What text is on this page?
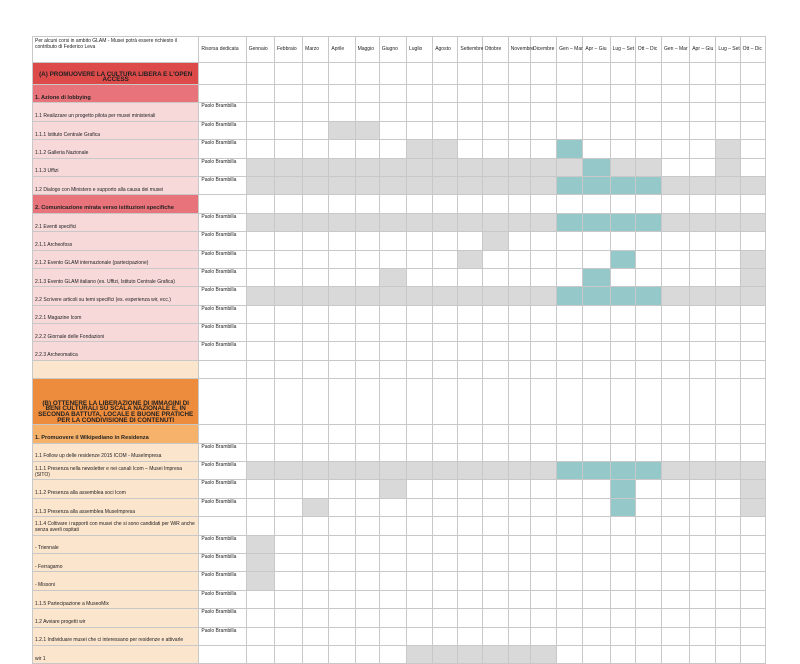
Per alcuni corsi in ambito GLAM - Musei potrà essere richiesto il contributo di Federico Leva	Risorsa dedicata	Gennaio	Febbraio	Marzo	Aprile	Maggio	Giugno	Luglio	Agosto	Settembre	Ottobre	Novembre	Dicembre	Gen – Mar	Apr – Giu	Lug – Set	Ott – Dic	Gen – Mar	Apr – Giu	Lug – Set	Ott – Dic
(A) PROMUOVERE LA CULTURA LIBERA E L'OPEN ACCESS																					
1. Azione di lobbying																					
1.1 Realizzare un progetto pilota per musei ministeriali	Paolo Brambilla																				
1.1.1 Istituto Centrale Grafica	Paolo Brambilla																				
1.1.2 Galleria Nazionale	Paolo Brambilla																				
1.1.3 Uffizi	Paolo Brambilla																				
1.2 Dialogo con Ministero e supporto alla causa dei musei	Paolo Brambilla																				
2. Comunicazione mirata verso istituzioni specifiche																					
2.1 Eventi specifici	Paolo Brambilla																				
2.1.1 Archeofoss	Paolo Brambilla																				
2.1.2 Evento GLAM internazionale (partecipazione)	Paolo Brambilla																				
2.1.3 Evento GLAM italiano (es. Uffizi, Istituto Centrale Grafica)	Paolo Brambilla																				
2.2 Scrivere articoli su temi specifici (es. esperienza wir, ecc.)	Paolo Brambilla																				
2.2.1 Magazine Icom	Paolo Brambilla																				
2.2.2 Giornale delle Fondazioni	Paolo Brambilla																				
2.2.3 Archeomatica	Paolo Brambilla																				

(B) OTTENERE LA LIBERAZIONE DI IMMAGINI DI BENI CULTURALI SU SCALA NAZIONALE E, IN SECONDA BATTUTA, LOCALE E BUONE PRATICHE PER LA CONDIVISIONE DI CONTENUTI																					
1. Promuovere il Wikipediano in Residenza																					
1.1 Follow up delle residenze 2015 ICOM - MuseImpresa	Paolo Brambilla																				
1.1.1 Presenza nella newsletter e nei canali Icom – Musei Impresa (SITO)	Paolo Brambilla																				
1.1.2 Presenza alla assemblea soci Icom	Paolo Brambilla																				
1.1.3 Presenza alla assemblea MuseImpresa	Paolo Brambilla																				
1.1.4 Coltivare i rapporti con musei che si sono candidati per WiR anche senza averli ospitati																					
- Triennale	Paolo Brambilla																				
- Ferragamo	Paolo Brambilla																				
- Missoni	Paolo Brambilla																				
1.1.5 Partecipazione a MuseoMix	Paolo Brambilla																				
1.2 Avviare progetti wir	Paolo Brambilla																				
1.2.1 Individuare musei che ci interessano per residenze e attivarle	Paolo Brambilla																				
wir 1																					
